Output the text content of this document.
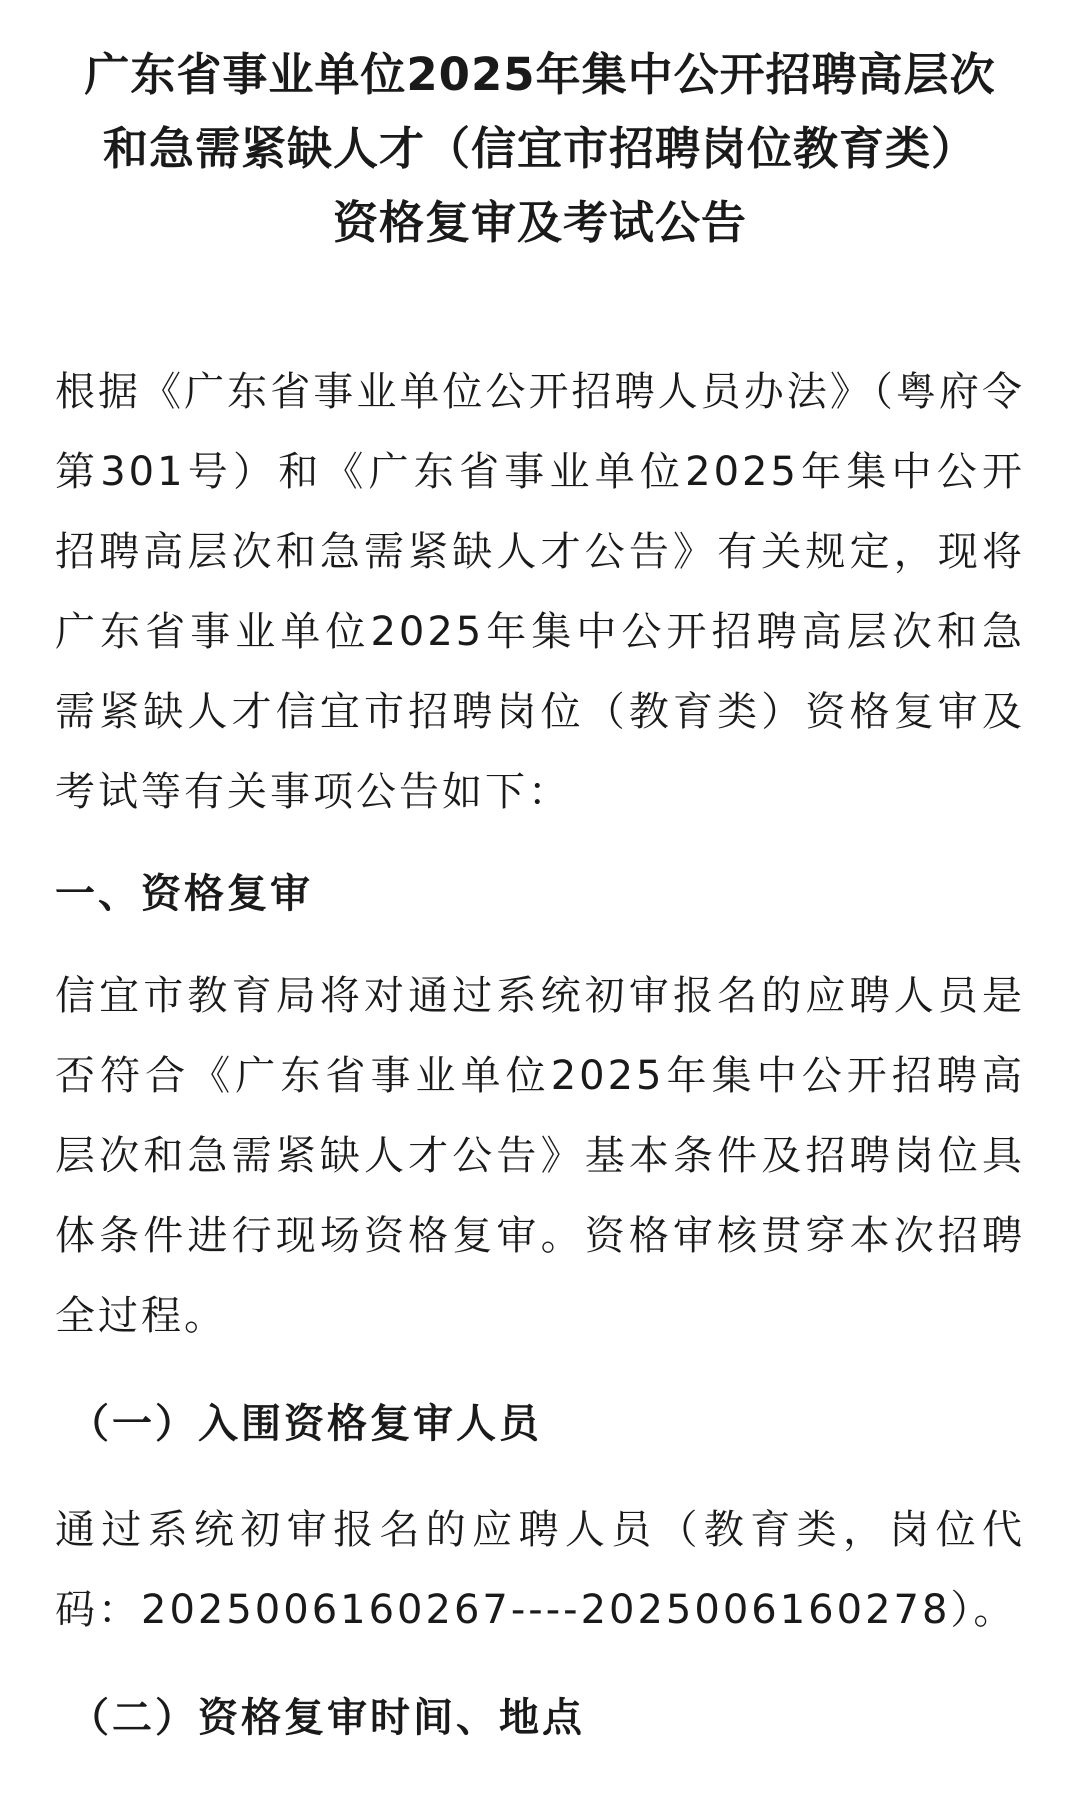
广东省事业单位2025年集中公开招聘高层次
和急需紧缺人才（信宜市招聘岗位教育类）
资格复审及考试公告

根据《广东省事业单位公开招聘人员办法》（粤府令第301号）和《广东省事业单位2025年集中公开招聘高层次和急需紧缺人才公告》有关规定，现将广东省事业单位2025年集中公开招聘高层次和急需紧缺人才信宜市招聘岗位（教育类）资格复审及考试等有关事项公告如下：

一、资格复审

信宜市教育局将对通过系统初审报名的应聘人员是否符合《广东省事业单位2025年集中公开招聘高层次和急需紧缺人才公告》基本条件及招聘岗位具体条件进行现场资格复审。资格审核贯穿本次招聘全过程。

（一）入围资格复审人员

通过系统初审报名的应聘人员（教育类，岗位代码：2025006160267----2025006160278）。

（二）资格复审时间、地点
